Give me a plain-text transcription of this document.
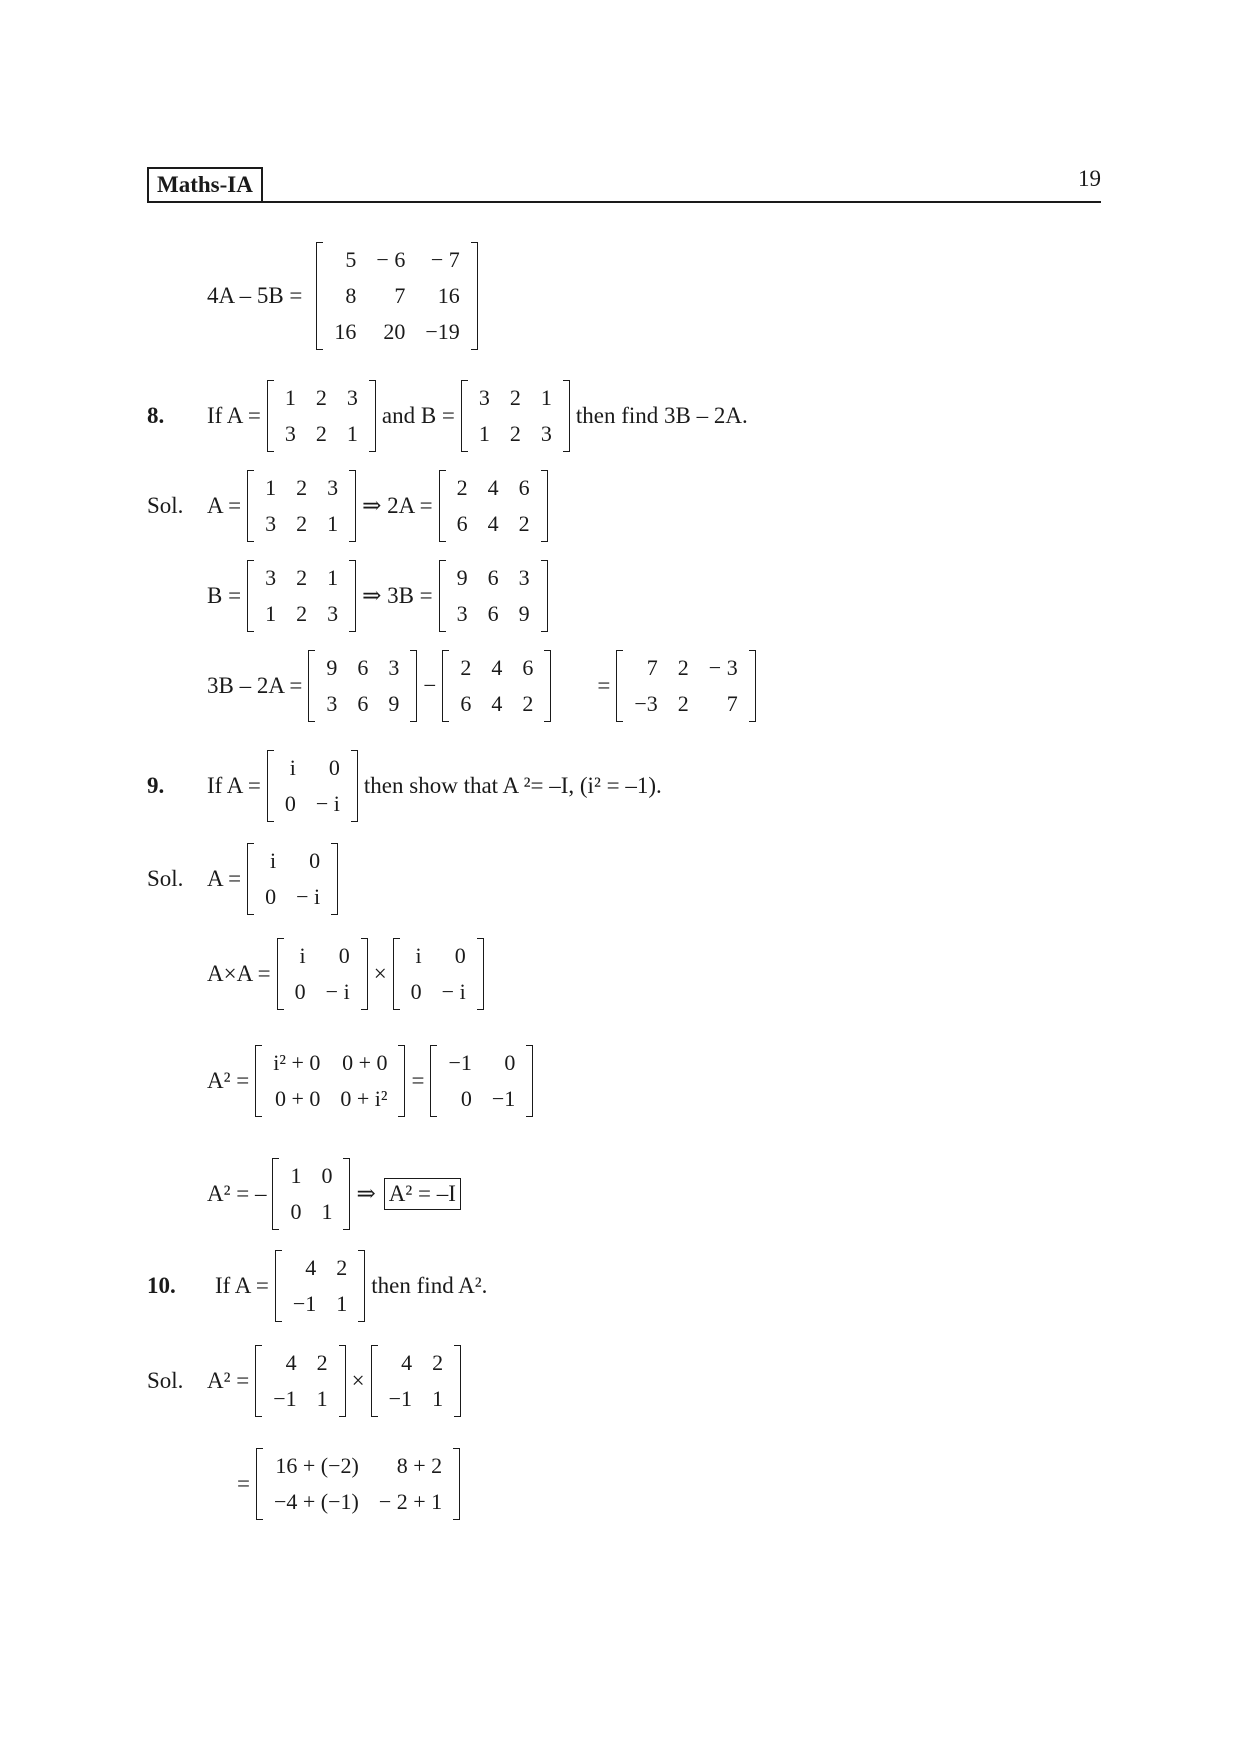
Maths-IA	19
4A – 5B =
5	− 6	− 7
8	7	16
16	20	−19
8.	If A =
1	2	3
3	2	1
and B =
3	2	1
1	2	3
then find 3B – 2A.
Sol.	A =
1	2	3
3	2	1
⇒ 2A =
2	4	6
6	4	2
B =
3	2	1
1	2	3
⇒ 3B =
9	6	3
3	6	9
3B – 2A =
9	6	3
3	6	9
−
2	4	6
6	4	2
=
7	2	− 3
−3	2	7
9.	If A =
i	0
0	− i
then show that A ²= –I, (i² = –1).
Sol.	A =
i	0
0	− i
A×A =
i	0
0	− i
×
i	0
0	− i
A² =
i² + 0	0 + 0
0 + 0	0 + i²
=
−1	0
0	−1
A² = –
1	0
0	1
⇒ A² = –I
10.	If A =
4	2
−1	1
then find A².
Sol.	A² =
4	2
−1	1
×
4	2
−1	1
=
16 + (−2)	8 + 2
−4 + (−1)	− 2 + 1
